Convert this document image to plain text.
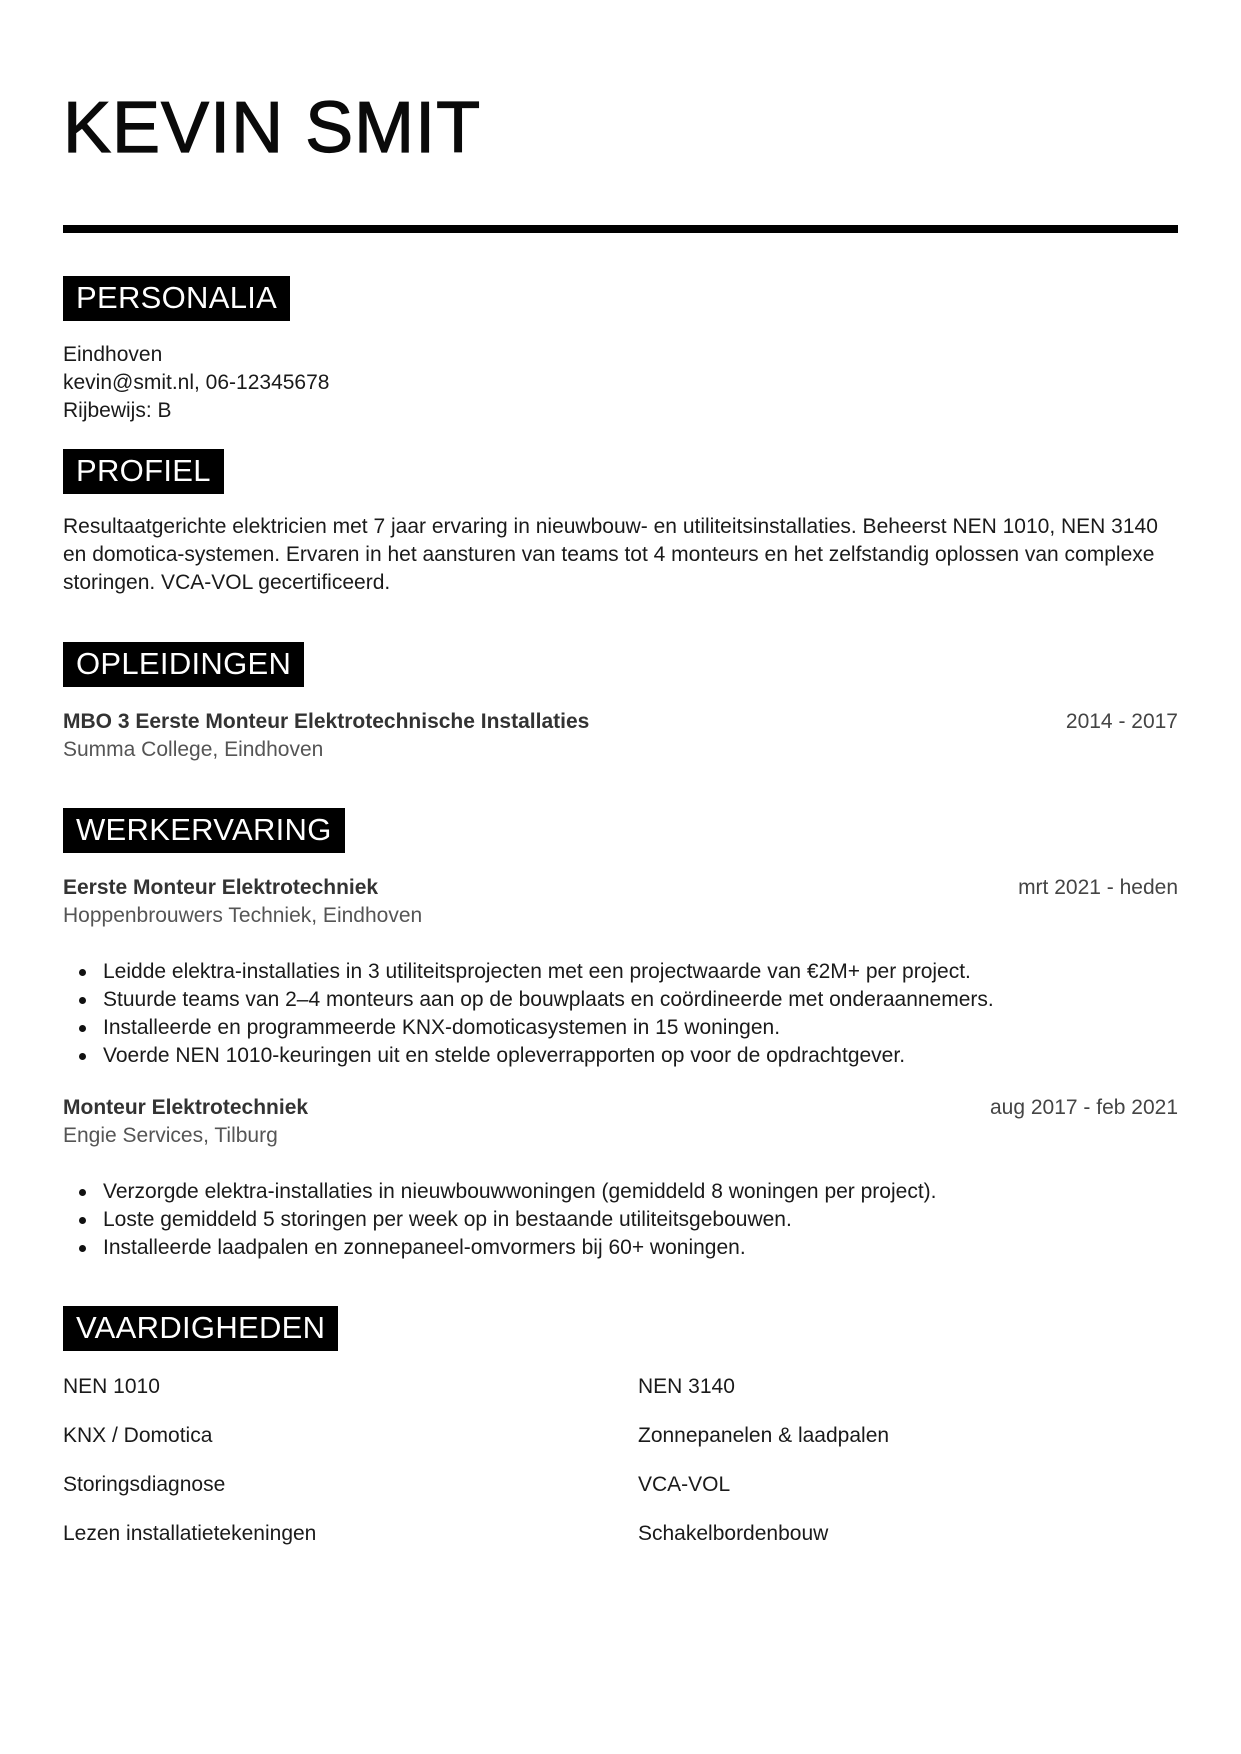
KEVIN SMIT
PERSONALIA
Eindhoven
kevin@smit.nl, 06-12345678
Rijbewijs: B
PROFIEL
Resultaatgerichte elektricien met 7 jaar ervaring in nieuwbouw- en utiliteitsinstallaties. Beheerst NEN 1010, NEN 3140 en domotica-systemen. Ervaren in het aansturen van teams tot 4 monteurs en het zelfstandig oplossen van complexe storingen. VCA-VOL gecertificeerd.
OPLEIDINGEN
MBO 3 Eerste Monteur Elektrotechnische Installaties	2014 - 2017
Summa College, Eindhoven
WERKERVARING
Eerste Monteur Elektrotechniek	mrt 2021 - heden
Hoppenbrouwers Techniek, Eindhoven
Leidde elektra-installaties in 3 utiliteitsprojecten met een projectwaarde van €2M+ per project.
Stuurde teams van 2–4 monteurs aan op de bouwplaats en coördineerde met onderaannemers.
Installeerde en programmeerde KNX-domoticasystemen in 15 woningen.
Voerde NEN 1010-keuringen uit en stelde opleverrapporten op voor de opdrachtgever.
Monteur Elektrotechniek	aug 2017 - feb 2021
Engie Services, Tilburg
Verzorgde elektra-installaties in nieuwbouwwoningen (gemiddeld 8 woningen per project).
Loste gemiddeld 5 storingen per week op in bestaande utiliteitsgebouwen.
Installeerde laadpalen en zonnepaneel-omvormers bij 60+ woningen.
VAARDIGHEDEN
NEN 1010	NEN 3140
KNX / Domotica	Zonnepanelen & laadpalen
Storingsdiagnose	VCA-VOL
Lezen installatietekeningen	Schakelbordenbouw
